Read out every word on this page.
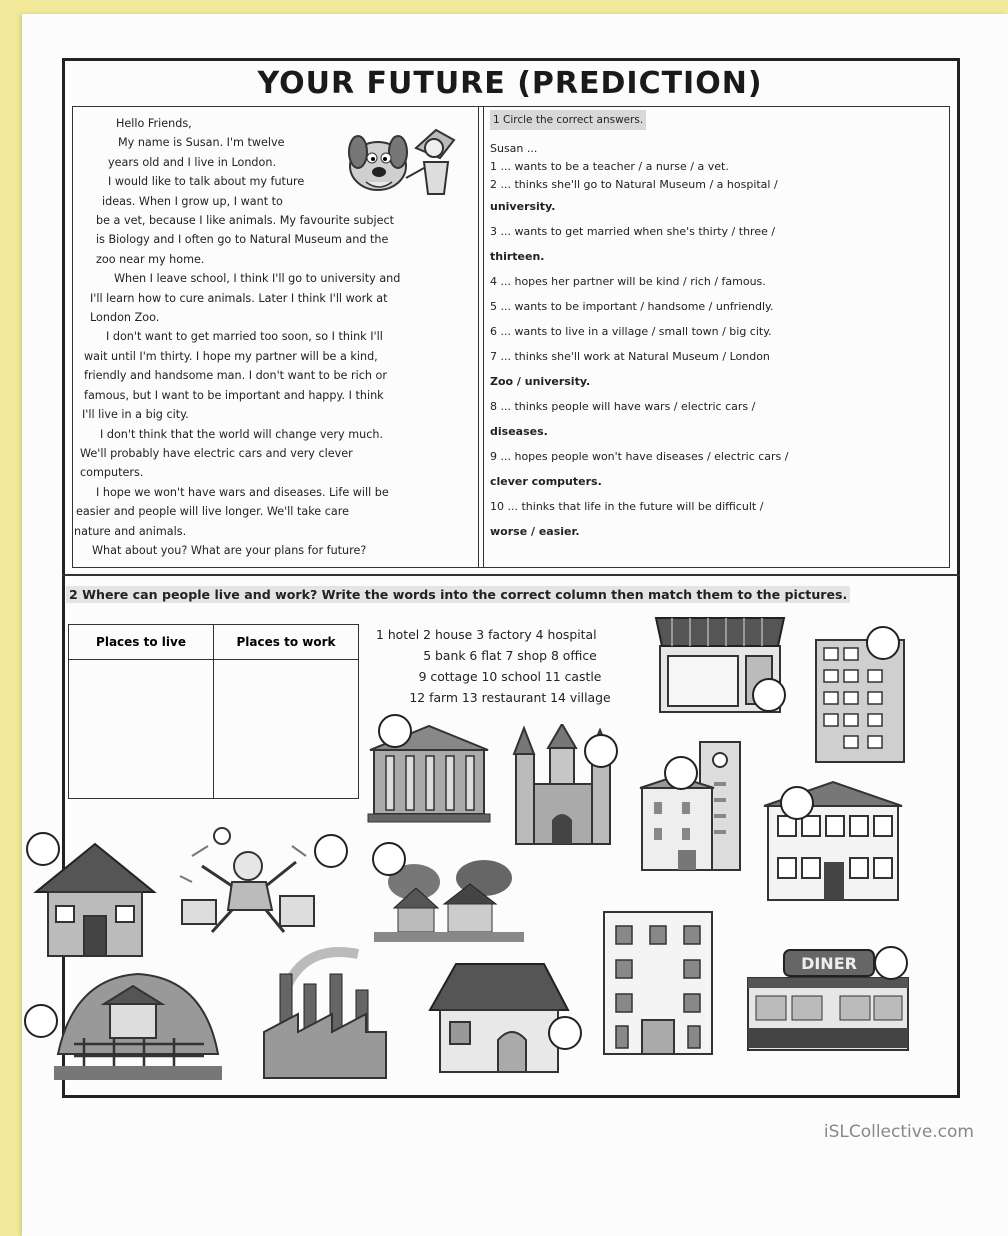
YOUR FUTURE (PREDICTION)

Hello Friends,

My name is Susan. I'm twelve

years old and I live in London.

I would like to talk about my future

ideas. When I grow up, I want to

be a vet, because I like animals. My favourite subject

is Biology and I often go to Natural Museum and the

zoo near my home.

When I leave school, I think I'll go to university and

I'll learn how to cure animals. Later I think I'll work at

London Zoo.

I don't want to get married too soon, so I think I'll

wait until I'm thirty. I hope my partner will be a kind,

friendly and handsome man. I don't want to be rich or

famous, but I want to be important and happy. I think

I'll live in a big city.

I don't think that the world will change very much.

We'll probably have electric cars and very clever

computers.

I hope we won't have wars and diseases. Life will be

easier and people will live longer. We'll take care

nature and animals.

What about you? What are your plans for future?

1 Circle the correct answers.
Susan ...
1 ... wants to be a teacher / a nurse / a vet.
2 ... thinks she'll go to Natural Museum / a hospital /
university.
3 ... wants to get married when she's thirty / three /
thirteen.
4 ... hopes her partner will be kind / rich / famous.
5 ... wants to be important / handsome / unfriendly.
6 ... wants to live in a village / small town / big city.
7 ... thinks she'll work at Natural Museum / London
Zoo / university.
8 ... thinks people will have wars / electric cars /
diseases.
9 ... hopes people won't have diseases / electric cars /
clever computers.
10 ... thinks that life in the future will be difficult /
worse / easier.
2 Where can people live and work? Write the words into the correct column then match them to the pictures.
Places to live	Places to work
		1 hotel 2 house 3 factory 4 hospital
5 bank 6 flat 7 shop 8 office
9 cottage 10 school 11 castle
12 farm 13 restaurant 14 village
DINER
iSLCollective.com
